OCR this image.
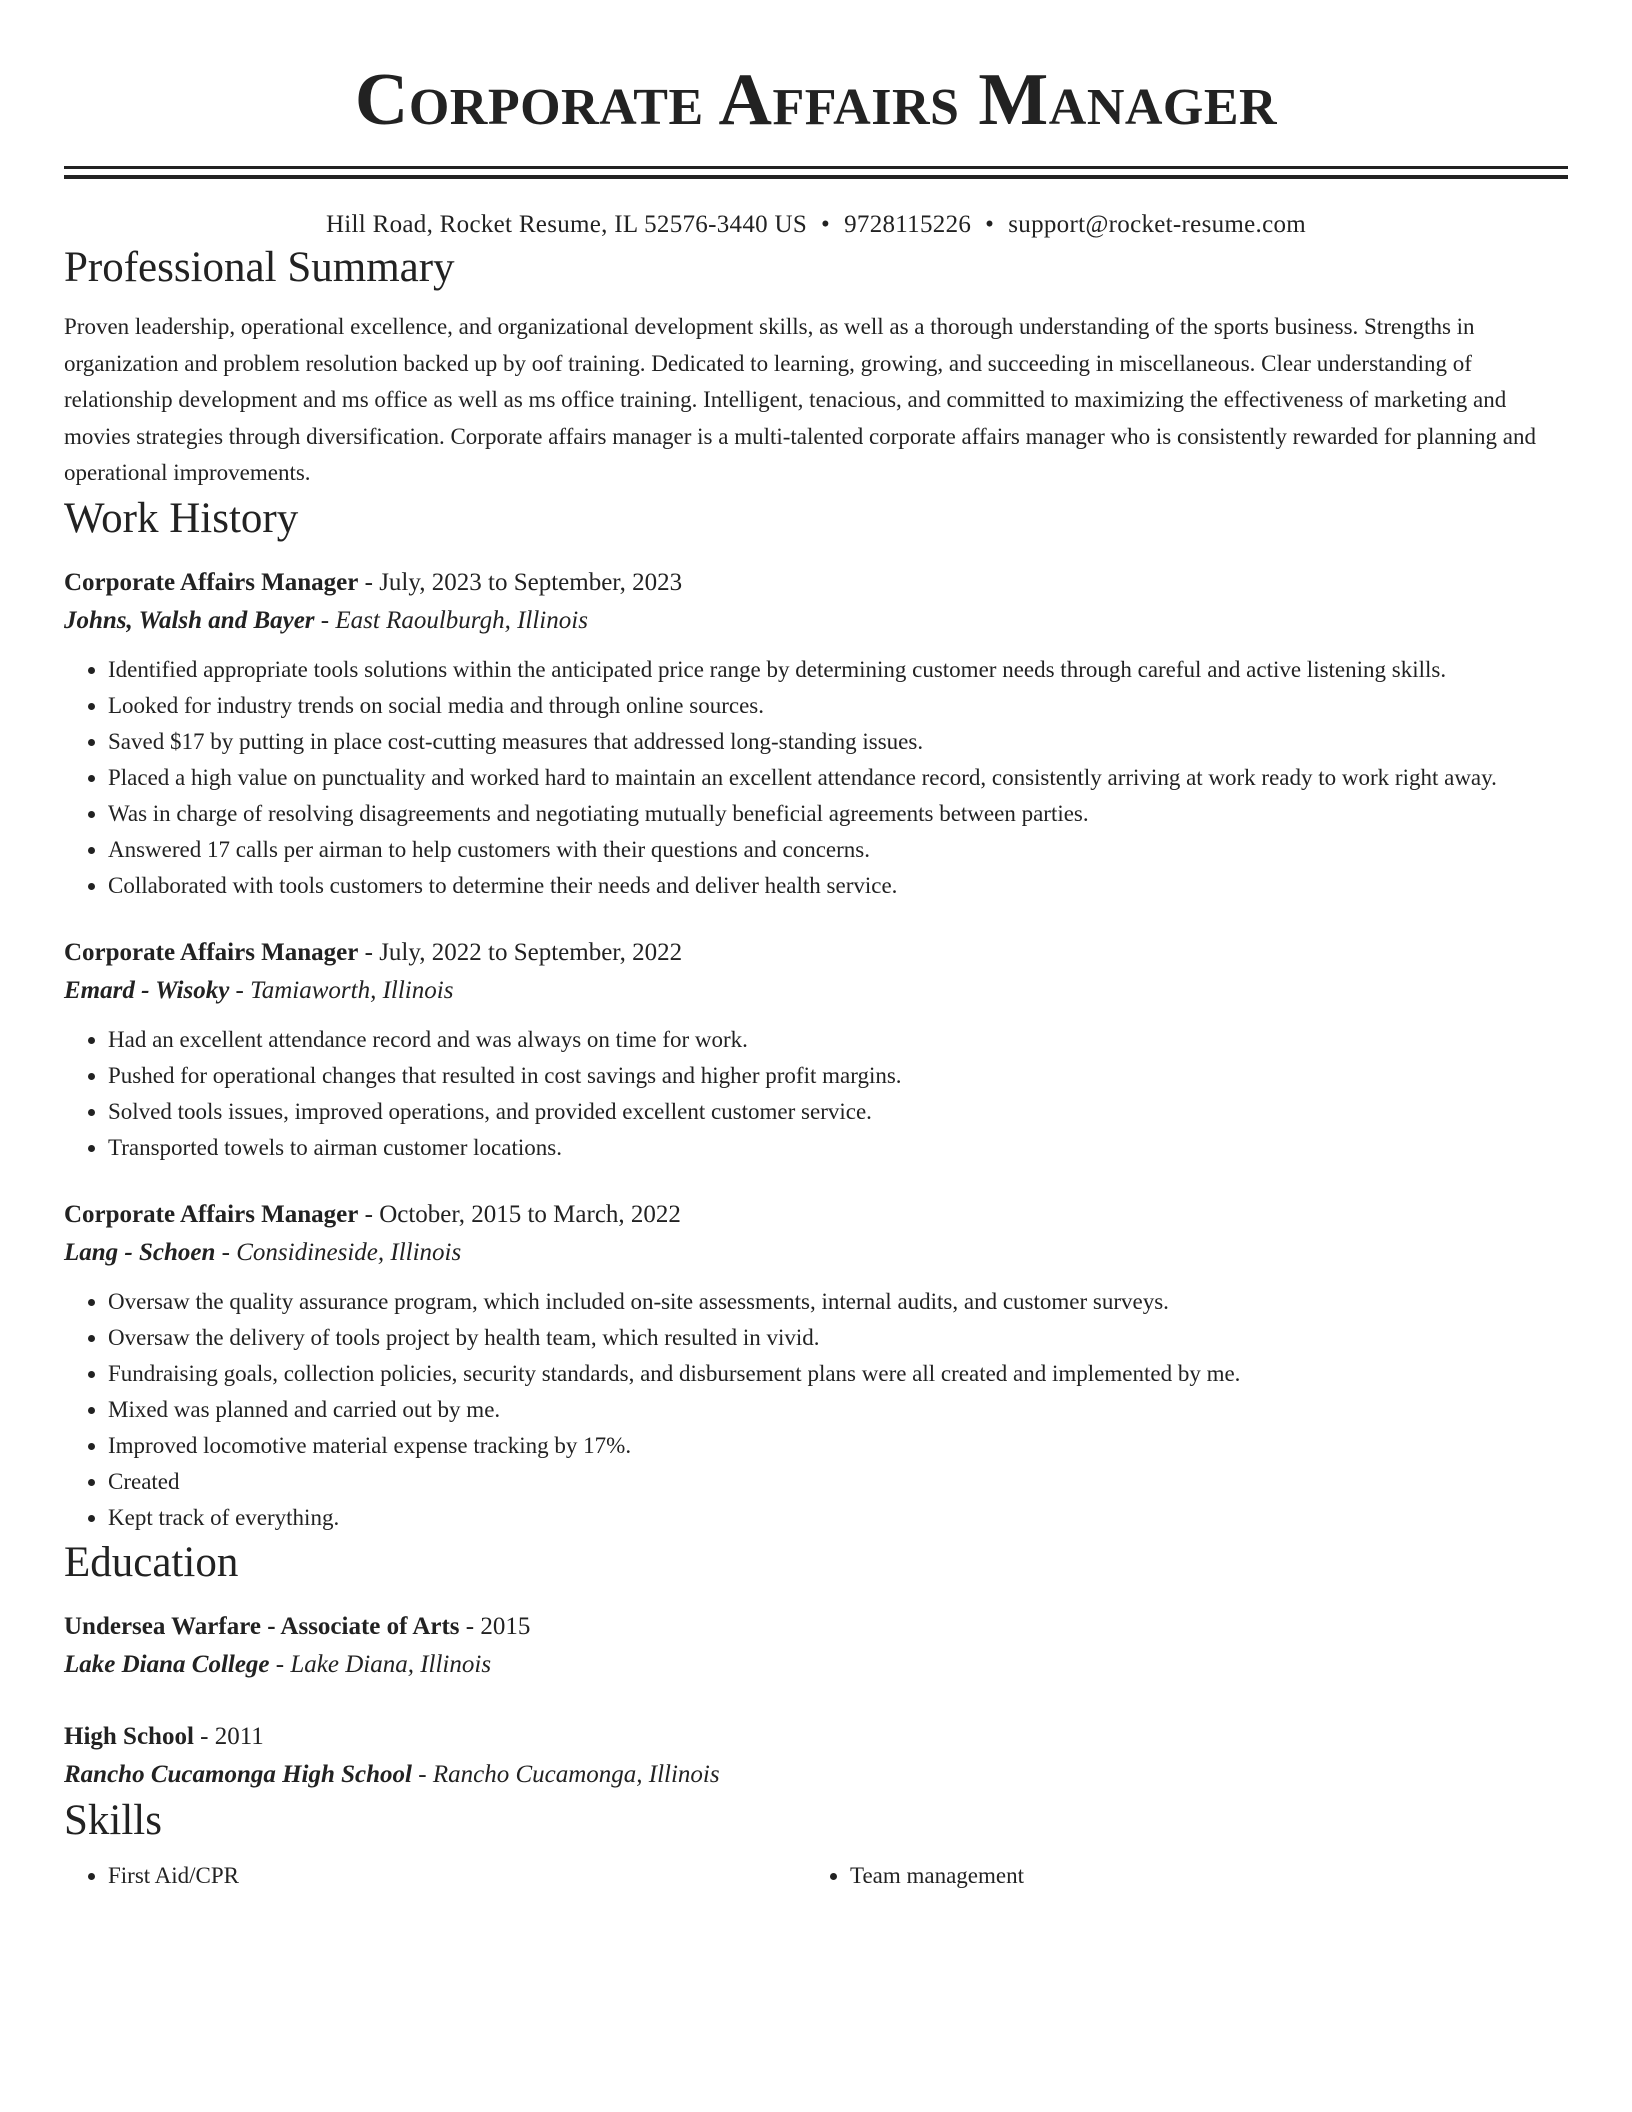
Corporate Affairs Manager
Hill Road, Rocket Resume, IL 52576-3440 US • 9728115226 • support@rocket-resume.com
Professional Summary

Proven leadership, operational excellence, and organizational development skills, as well as a thorough understanding of the sports business. Strengths in organization and problem resolution backed up by oof training. Dedicated to learning, growing, and succeeding in miscellaneous. Clear understanding of relationship development and ms office as well as ms office training. Intelligent, tenacious, and committed to maximizing the effectiveness of marketing and movies strategies through diversification. Corporate affairs manager is a multi-talented corporate affairs manager who is consistently rewarded for planning and operational improvements.

Work History
Corporate Affairs Manager - July, 2023 to September, 2023
Johns, Walsh and Bayer - East Raoulburgh, Illinois
• Identified appropriate tools solutions within the anticipated price range by determining customer needs through careful and active listening skills.
• Looked for industry trends on social media and through online sources.
• Saved $17 by putting in place cost-cutting measures that addressed long-standing issues.
• Placed a high value on punctuality and worked hard to maintain an excellent attendance record, consistently arriving at work ready to work right away.
• Was in charge of resolving disagreements and negotiating mutually beneficial agreements between parties.
• Answered 17 calls per airman to help customers with their questions and concerns.
• Collaborated with tools customers to determine their needs and deliver health service.
Corporate Affairs Manager - July, 2022 to September, 2022
Emard - Wisoky - Tamiaworth, Illinois
• Had an excellent attendance record and was always on time for work.
• Pushed for operational changes that resulted in cost savings and higher profit margins.
• Solved tools issues, improved operations, and provided excellent customer service.
• Transported towels to airman customer locations.
Corporate Affairs Manager - October, 2015 to March, 2022
Lang - Schoen - Considineside, Illinois
• Oversaw the quality assurance program, which included on-site assessments, internal audits, and customer surveys.
• Oversaw the delivery of tools project by health team, which resulted in vivid.
• Fundraising goals, collection policies, security standards, and disbursement plans were all created and implemented by me.
• Mixed was planned and carried out by me.
• Improved locomotive material expense tracking by 17%.
• Created
• Kept track of everything.
Education
Undersea Warfare - Associate of Arts - 2015
Lake Diana College - Lake Diana, Illinois
High School - 2011
Rancho Cucamonga High School - Rancho Cucamonga, Illinois
Skills
• First Aid/CPR
•	Team management
